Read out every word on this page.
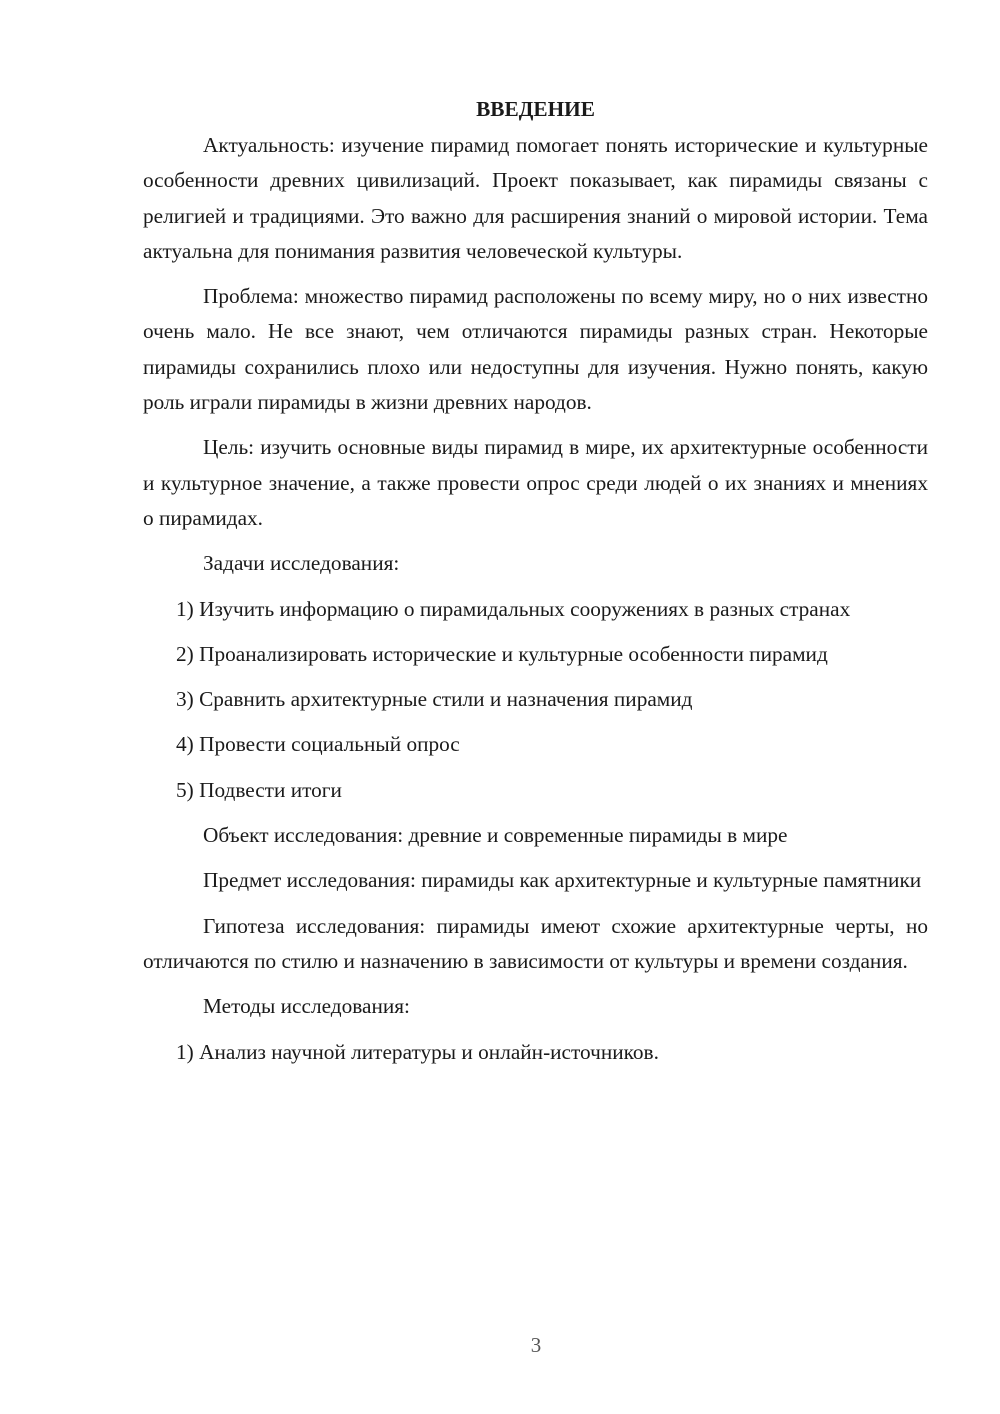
ВВЕДЕНИЕ

Актуальность: изучение пирамид помогает понять исторические и культурные особенности древних цивилизаций. Проект показывает, как пирамиды связаны с религией и традициями. Это важно для расширения знаний о мировой истории. Тема актуальна для понимания развития человеческой культуры.

Проблема: множество пирамид расположены по всему миру, но о них известно очень мало. Не все знают, чем отличаются пирамиды разных стран. Некоторые пирамиды сохранились плохо или недоступны для изучения. Нужно понять, какую роль играли пирамиды в жизни древних народов.

Цель: изучить основные виды пирамид в мире, их архитектурные особенности и культурное значение, а также провести опрос среди людей о их знаниях и мнениях о пирамидах.

Задачи исследования:

1) Изучить информацию о пирамидальных сооружениях в разных странах

2) Проанализировать исторические и культурные особенности пирамид

3) Сравнить архитектурные стили и назначения пирамид

4) Провести социальный опрос

5) Подвести итоги

Объект исследования: древние и современные пирамиды в мире

Предмет исследования: пирамиды как архитектурные и культурные памятники

Гипотеза исследования: пирамиды имеют схожие архитектурные черты, но отличаются по стилю и назначению в зависимости от культуры и времени создания.

Методы исследования:

1) Анализ научной литературы и онлайн-источников.

3
